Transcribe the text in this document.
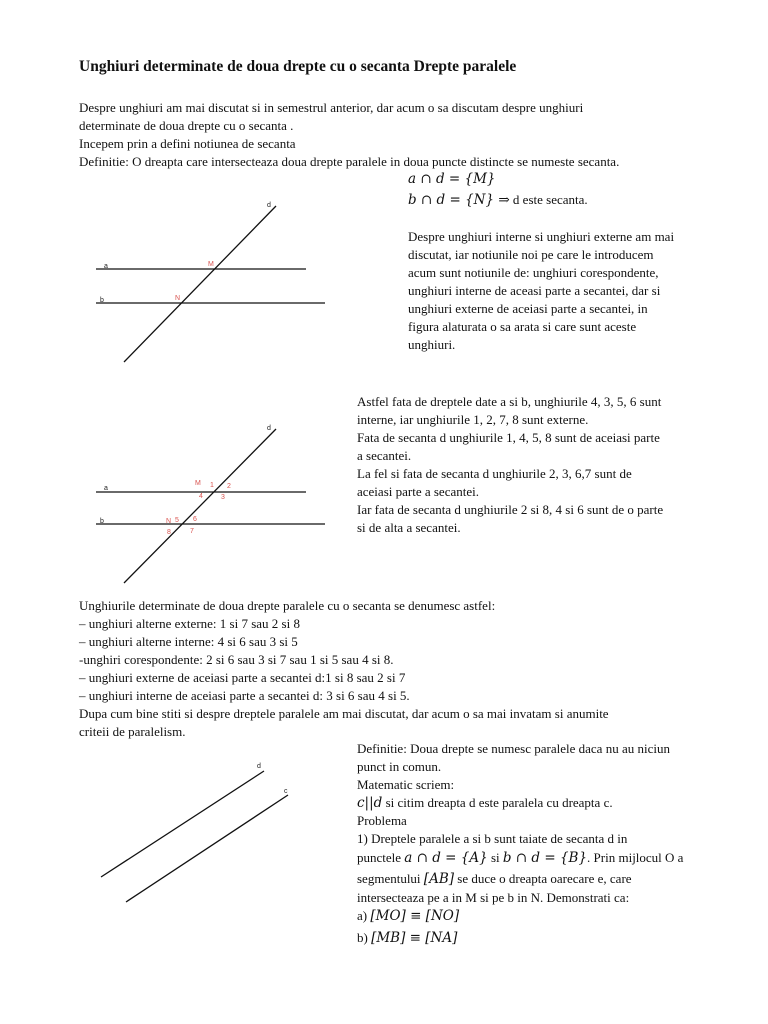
Unghiuri determinate de doua drepte cu o secanta Drepte paralele

Despre unghiuri am mai discutat si in semestrul anterior, dar acum o sa discutam despre unghiuri

determinate de doua drepte cu o secanta .

Incepem prin a defini notiunea de secanta

Definitie: O dreapta care intersecteaza doua drepte paralele in doua puncte distincte se numeste secanta.

a ∩ d = {M}

b ∩ d = {N} ⇒ d este secanta.

Despre unghiuri interne si unghiuri externe am mai

discutat, iar notiunile noi pe care le introducem

acum sunt notiunile de: unghiuri corespondente,

unghiuri interne de aceasi parte a secantei, dar si

unghiuri externe de aceiasi parte a secantei, in

figura alaturata o sa arata si care sunt aceste

unghiuri.

a
b
d
M
N

Astfel fata de dreptele date a si b, unghiurile 4, 3, 5, 6 sunt

interne, iar unghiurile 1, 2, 7, 8 sunt externe.

Fata de secanta d unghiurile 1, 4, 5, 8 sunt de aceiasi parte

a secantei.

La fel si fata de secanta d unghiurile 2, 3, 6,7 sunt de

aceiasi parte a secantei.

Iar fata de secanta d unghiurile 2 si 8, 4 si 6 sunt de o parte

si de alta a secantei.

a
b
d
M 1 2
4	3
N 5 6
8	7

Unghiurile determinate de doua drepte paralele cu o secanta se denumesc astfel:

– unghiuri alterne externe: 1 si 7 sau 2 si 8

– unghiuri alterne interne: 4 si 6 sau 3 si 5

-unghiri corespondente: 2 si 6 sau 3 si 7 sau 1 si 5 sau 4 si 8.

– unghiuri externe de aceiasi parte a secantei d:1 si 8 sau 2 si 7

– unghiuri interne de aceiasi parte a secantei d: 3 si 6 sau 4 si 5.

Dupa cum bine stiti si despre dreptele paralele am mai discutat, dar acum o sa mai invatam si anumite

criteii de paralelism.

Definitie: Doua drepte se numesc paralele daca nu au niciun

punct in comun.

Matematic scriem:

c||d si citim dreapta d este paralela cu dreapta c.

Problema

1) Dreptele paralele a si b sunt taiate de secanta d in

punctele a ∩ d = {A} si b ∩ d = {B}. Prin mijlocul O a

segmentului [AB] se duce o dreapta oarecare e, care

intersecteaza pe a in M si pe b in N. Demonstrati ca:

a) [MO] ≡ [NO]

b) [MB] ≡ [NA]

d
c
